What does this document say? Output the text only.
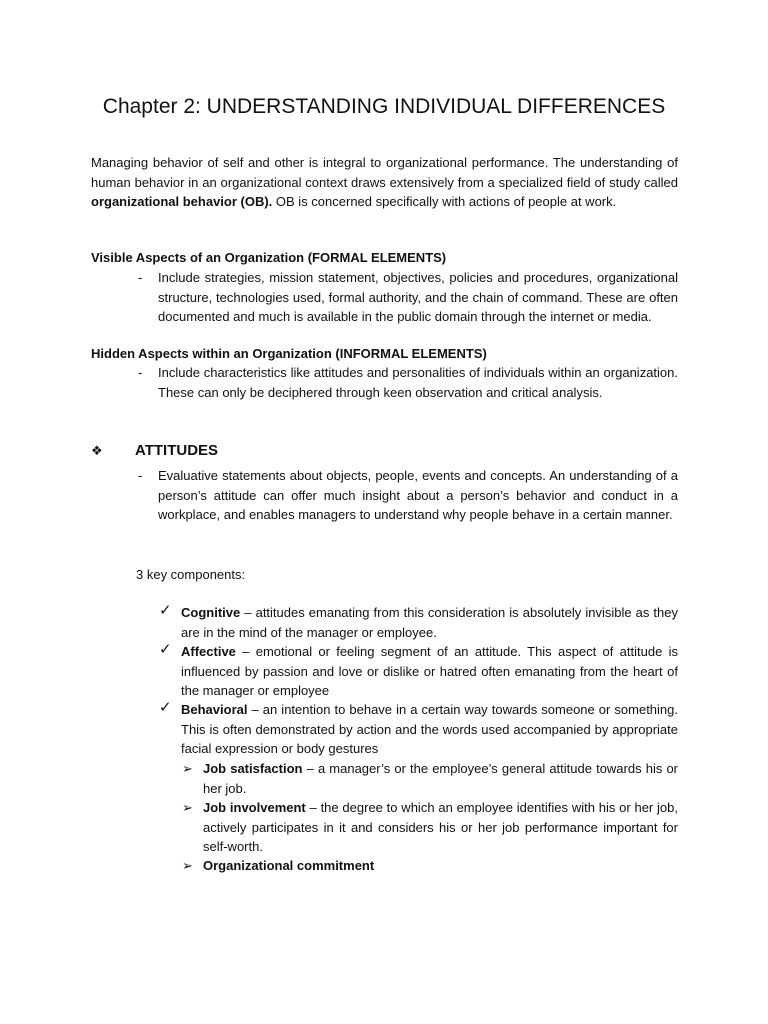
Chapter 2: UNDERSTANDING INDIVIDUAL DIFFERENCES

Managing behavior of self and other is integral to organizational performance. The understanding of human behavior in an organizational context draws extensively from a specialized field of study called organizational behavior (OB). OB is concerned specifically with actions of people at work.

Visible Aspects of an Organization (FORMAL ELEMENTS)

- Include strategies, mission statement, objectives, policies and procedures, organizational structure, technologies used, formal authority, and the chain of command. These are often documented and much is available in the public domain through the internet or media.

Hidden Aspects within an Organization (INFORMAL ELEMENTS)

- Include characteristics like attitudes and personalities of individuals within an organization. These can only be deciphered through keen observation and critical analysis.

❖ ATTITUDES
- Evaluative statements about objects, people, events and concepts. An understanding of a person’s attitude can offer much insight about a person’s behavior and conduct in a workplace, and enables managers to understand why people behave in a certain manner.

3 key components:

✓ Cognitive – attitudes emanating from this consideration is absolutely invisible as they are in the mind of the manager or employee.

✓ Affective – emotional or feeling segment of an attitude. This aspect of attitude is influenced by passion and love or dislike or hatred often emanating from the heart of the manager or employee

✓ Behavioral – an intention to behave in a certain way towards someone or something. This is often demonstrated by action and the words used accompanied by appropriate facial expression or body gestures

➢ Job satisfaction – a manager’s or the employee’s general attitude towards his or her job.

➢ Job involvement – the degree to which an employee identifies with his or her job, actively participates in it and considers his or her job performance important for self-worth.

➢ Organizational commitment
